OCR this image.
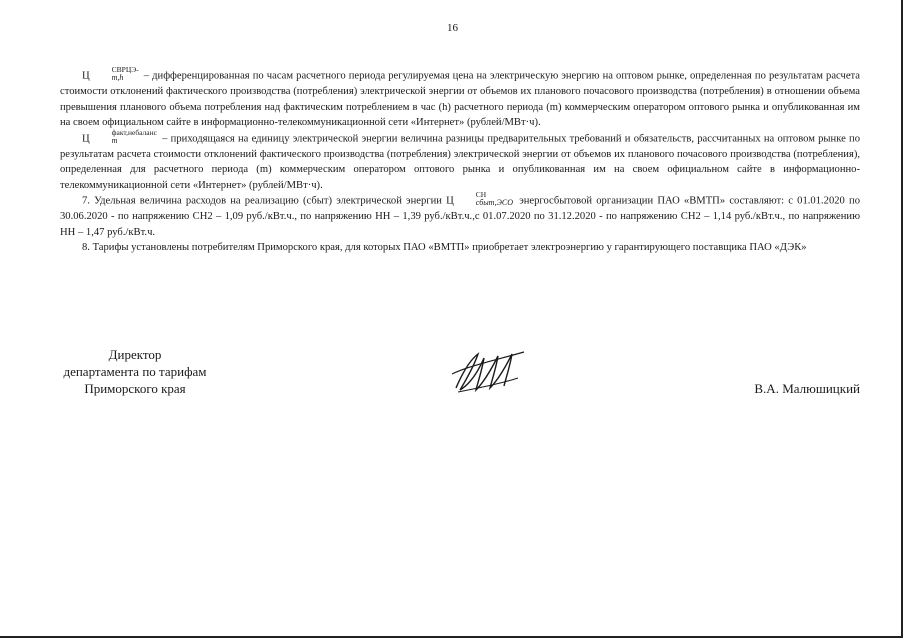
16

Ц
СВРЦЭ-
m,h	– дифференцированная по часам расчетного периода регулируемая цена на электрическую энергию на оптовом рынке, определенная по результатам расчета стоимости отклонений фактического производства (потребления) электрической энергии от объемов их планового почасового производства (потребления) в отношении объема превышения планового объема потребления над фактическим потреблением в час (h) расчетного периода (m) коммерческим оператором оптового рынка и опубликованная им на своем официальном сайте в информационно-телекоммуникационной сети «Интернет» (рублей/МВт·ч).

Ц
факт,небаланс
m	– приходящаяся на единицу электрической энергии величина разницы предварительных требований и обязательств, рассчитанных на оптовом рынке по результатам расчета стоимости отклонений фактического производства (потребления) электрической энергии от объемов их планового почасового производства (потребления), определенная для расчетного периода (m) коммерческим оператором оптового рынка и опубликованная им на своем официальном сайте в информационно-телекоммуникационной сети «Интернет» (рублей/МВт·ч).

7. Удельная величина расходов на реализацию (сбыт) электрической энергии Ц
СН
сбыт,ЭСО энергосбытовой организации ПАО «ВМТП» составляют: с 01.01.2020 по 30.06.2020 - по напряжению СН2 – 1,09 руб./кВт.ч., по напряжению НН – 1,39 руб./кВт.ч.,с 01.07.2020 по 31.12.2020 - по напряжению СН2 – 1,14 руб./кВт.ч., по напряжению НН – 1,47 руб./кВт.ч.

8. Тарифы установлены потребителям Приморского края, для которых ПАО «ВМТП» приобретает электроэнергию у гарантирующего поставщика ПАО «ДЭК»

Директор
департамента по тарифам
Приморского края	В.А. Малюшицкий
